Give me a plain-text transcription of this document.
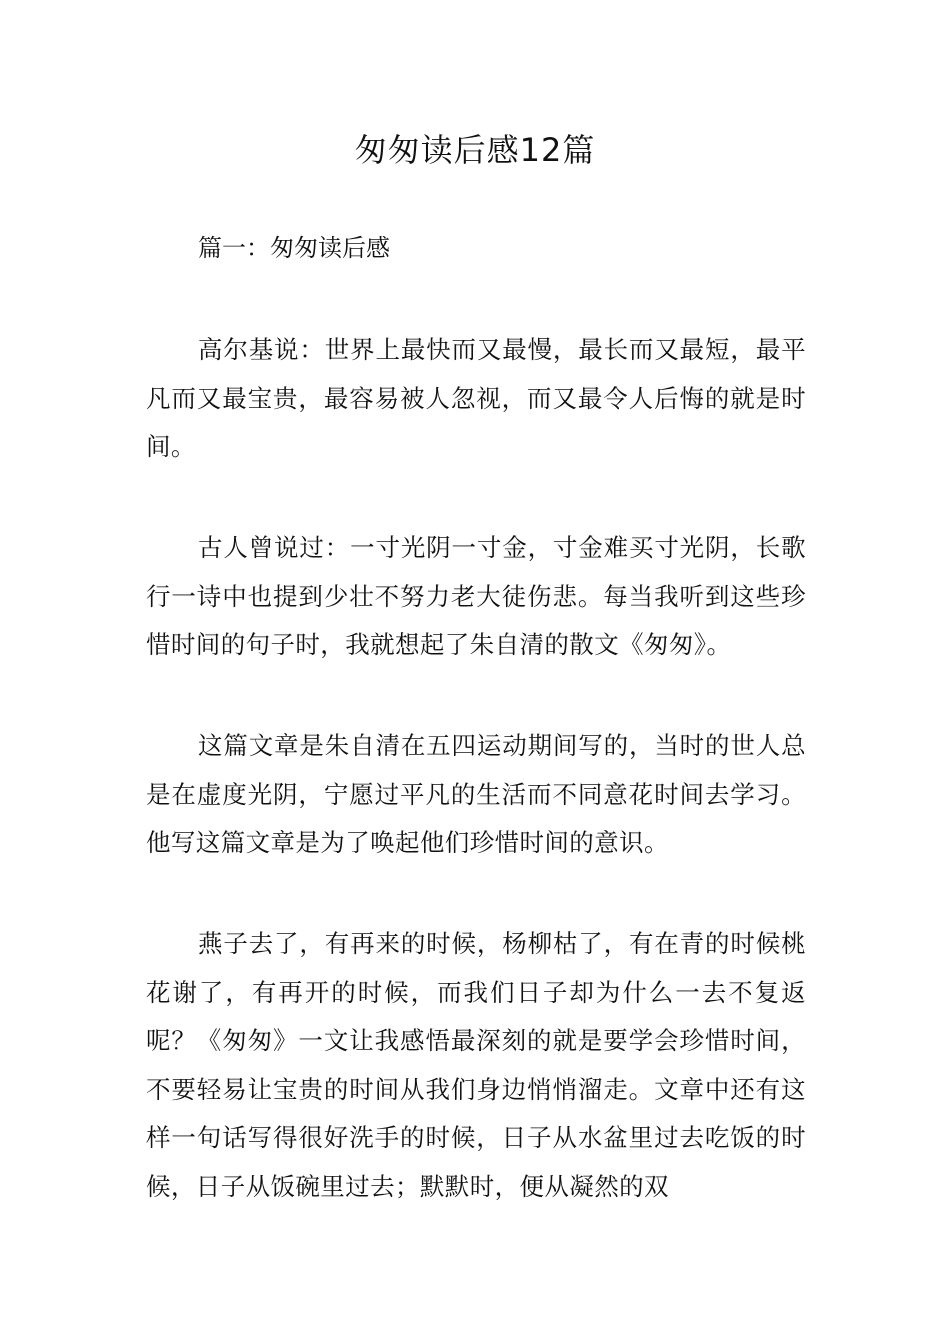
匆匆读后感12篇

篇一：匆匆读后感

高尔基说：世界上最快而又最慢，最长而又最短，最平凡而又最宝贵，最容易被人忽视，而又最令人后悔的就是时间。

古人曾说过：一寸光阴一寸金，寸金难买寸光阴，长歌行一诗中也提到少壮不努力老大徒伤悲。每当我听到这些珍惜时间的句子时，我就想起了朱自清的散文《匆匆》。

这篇文章是朱自清在五四运动期间写的，当时的世人总是在虚度光阴，宁愿过平凡的生活而不同意花时间去学习。他写这篇文章是为了唤起他们珍惜时间的意识。

燕子去了，有再来的时候，杨柳枯了，有在青的时候桃花谢了，有再开的时候，而我们日子却为什么一去不复返呢？《匆匆》一文让我感悟最深刻的就是要学会珍惜时间，不要轻易让宝贵的时间从我们身边悄悄溜走。文章中还有这样一句话写得很好洗手的时候，日子从水盆里过去吃饭的时候，日子从饭碗里过去；默默时，便从凝然的双
